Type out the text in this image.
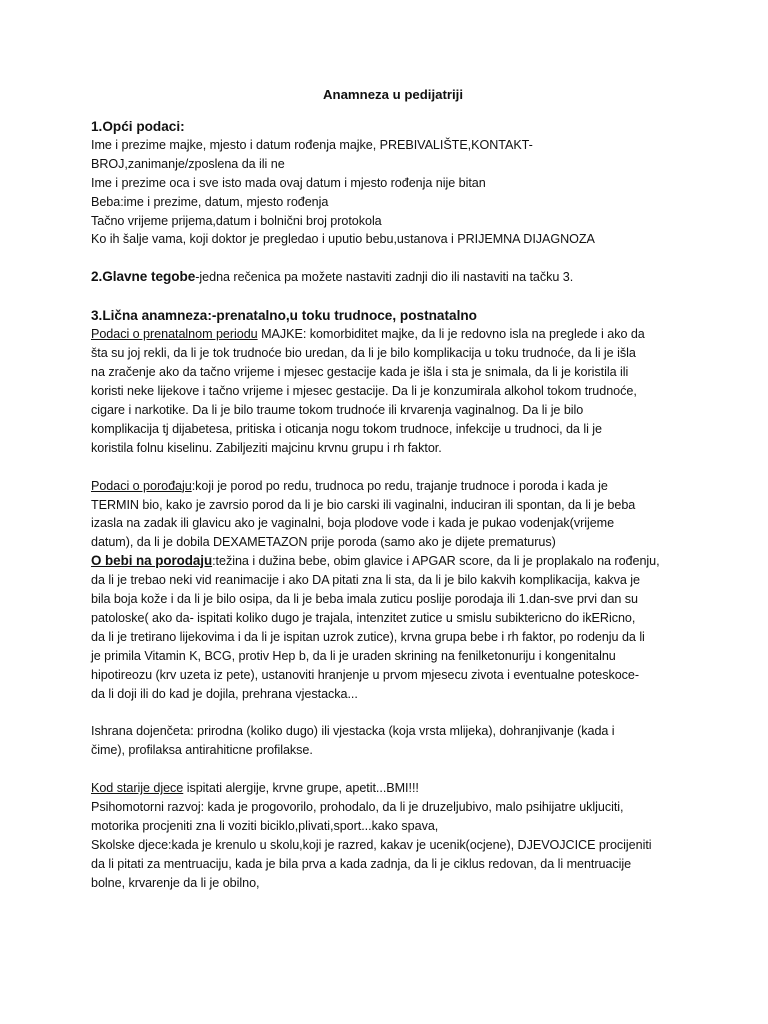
Anamneza u pedijatriji

1.Opći podaci:

Ime i prezime majke, mjesto i datum rođenja majke, PREBIVALIŠTE,KONTAKT-

BROJ,zanimanje/zposlena da ili ne

Ime i prezime oca i sve isto mada ovaj datum i mjesto rođenja nije bitan

Beba:ime i prezime, datum, mjesto rođenja

Tačno vrijeme prijema,datum i bolnični broj protokola

Ko ih šalje vama, koji doktor je pregledao i uputio bebu,ustanova i PRIJEMNA DIJAGNOZA

2.Glavne tegobe-jedna rečenica pa možete nastaviti zadnji dio ili nastaviti na tačku 3.

3.Lična anamneza:-prenatalno,u toku trudnoce, postnatalno

Podaci o prenatalnom periodu MAJKE: komorbiditet majke, da li je redovno isla na preglede i ako da

šta su joj rekli, da li je tok trudnoće bio uredan, da li je bilo komplikacija u toku trudnoće, da li je išla

na zračenje ako da tačno vrijeme i mjesec gestacije kada je išla i sta je snimala, da li je koristila ili

koristi neke lijekove i tačno vrijeme i mjesec gestacije. Da li je konzumirala alkohol tokom trudnoće,

cigare i narkotike. Da li je bilo traume tokom trudnoće ili krvarenja vaginalnog. Da li je bilo

komplikacija tj dijabetesa, pritiska i oticanja nogu tokom trudnoce, infekcije u trudnoci, da li je

koristila folnu kiselinu. Zabiljeziti majcinu krvnu grupu i rh faktor.

Podaci o porođaju:koji je porod po redu, trudnoca po redu, trajanje trudnoce i poroda i kada je

TERMIN bio, kako je zavrsio porod da li je bio carski ili vaginalni, induciran ili spontan, da li je beba

izasla na zadak ili glavicu ako je vaginalni, boja plodove vode i kada je pukao vodenjak(vrijeme

datum), da li je dobila DEXAMETAZON prije poroda (samo ako je dijete prematurus)

O bebi na porodaju:težina i dužina bebe, obim glavice i APGAR score, da li je proplakalo na rođenju,

da li je trebao neki vid reanimacije i ako DA pitati zna li sta, da li je bilo kakvih komplikacija, kakva je

bila boja kože i da li je bilo osipa, da li je beba imala zuticu poslije porodaja ili 1.dan-sve prvi dan su

patoloske( ako da- ispitati koliko dugo je trajala, intenzitet zutice u smislu subiktericno do ikERicno,

da li je tretirano lijekovima i da li je ispitan uzrok zutice), krvna grupa bebe i rh faktor, po rodenju da li

je primila Vitamin K, BCG, protiv Hep b, da li je uraden skrining na fenilketonuriju i kongenitalnu

hipotireozu (krv uzeta iz pete), ustanoviti hranjenje u prvom mjesecu zivota i eventualne poteskoce-

da li doji ili do kad je dojila, prehrana vjestacka...

Ishrana dojenčeta: prirodna (koliko dugo) ili vjestacka (koja vrsta mlijeka), dohranjivanje (kada i

čime), profilaksa antirahiticne profilakse.

Kod starije djece ispitati alergije, krvne grupe, apetit...BMI!!!

Psihomotorni razvoj: kada je progovorilo, prohodalo, da li je druzeljubivo, malo psihijatre ukljuciti,

motorika procjeniti zna li voziti biciklo,plivati,sport...kako spava,

Skolske djece:kada je krenulo u skolu,koji je razred, kakav je ucenik(ocjene), DJEVOJCICE procijeniti

da li pitati za mentruaciju, kada je bila prva a kada zadnja, da li je ciklus redovan, da li mentruacije

bolne, krvarenje da li je obilno,
